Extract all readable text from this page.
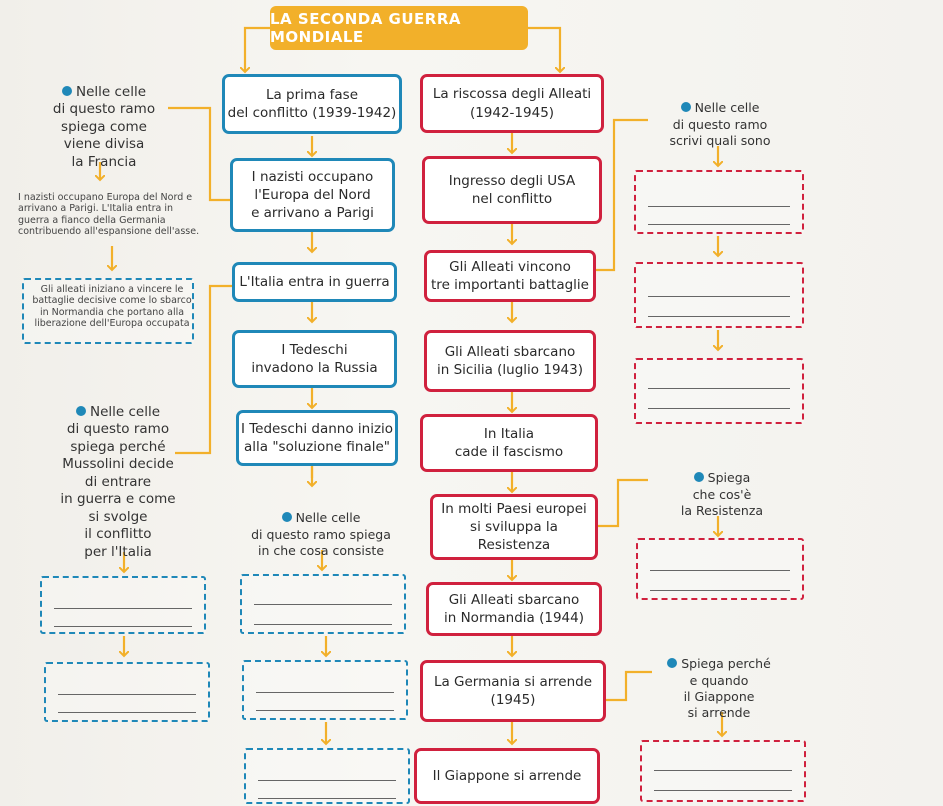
LA SECONDA GUERRA MONDIALE
La prima fase
del conflitto (1939-1942)
I nazisti occupano
l'Europa del Nord
e arrivano a Parigi
L'Italia entra in guerra
I Tedeschi
invadono la Russia
I Tedeschi danno inizio
alla "soluzione finale"
La riscossa degli Alleati
(1942-1945)
Ingresso degli USA
nel conflitto
Gli Alleati vincono
tre importanti battaglie
Gli Alleati sbarcano
in Sicilia (luglio 1943)
In Italia
cade il fascismo
In molti Paesi europei
si sviluppa la Resistenza
Gli Alleati sbarcano
in Normandia (1944)
La Germania si arrende
(1945)
Il Giappone si arrende

Nelle celle
di questo ramo
spiega come
viene divisa
la Francia

Nelle celle
di questo ramo
spiega perché
Mussolini decide
di entrare
in guerra e come
si svolge
il conflitto
per l'Italia

Nelle celle
di questo ramo spiega
in che cosa consiste

Nelle celle
di questo ramo
scrivi quali sono

Spiega
che cos'è
la Resistenza

Spiega perché
e quando
il Giappone
si arrende

I nazisti occupano Europa del Nord e
arrivano a Parigi. L'Italia entra in
guerra a fianco della Germania
contribuendo all'espansione dell'asse.
Gli alleati iniziano a vincere le
battaglie decisive come lo sbarco
in Normandia che portano alla
liberazione dell'Europa occupata
